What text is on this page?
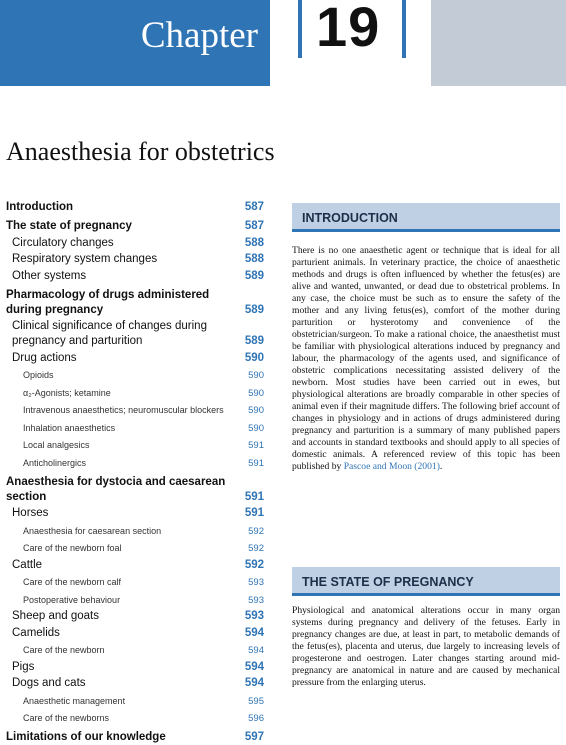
Chapter 19
Anaesthesia for obstetrics
Introduction	587
The state of pregnancy	587
Circulatory changes	588
Respiratory system changes	588
Other systems	589
Pharmacology of drugs administered during pregnancy	589
Clinical significance of changes during pregnancy and parturition	589
Drug actions	590
Opioids	590
α₂-Agonists; ketamine	590
Intravenous anaesthetics; neuromuscular blockers	590
Inhalation anaesthetics	590
Local analgesics	591
Anticholinergics	591
Anaesthesia for dystocia and caesarean section	591
Horses	591
Anaesthesia for caesarean section	592
Care of the newborn foal	592
Cattle	592
Care of the newborn calf	593
Postoperative behaviour	593
Sheep and goats	593
Camelids	594
Care of the newborn	594
Pigs	594
Dogs and cats	594
Anaesthetic management	595
Care of the newborns	596
Limitations of our knowledge	597
INTRODUCTION

There is no one anaesthetic agent or technique that is ideal for all parturient animals. In veterinary practice, the choice of anaesthetic methods and drugs is often influenced by whether the fetus(es) are alive and wanted, unwanted, or dead due to obstetrical problems. In any case, the choice must be such as to ensure the safety of the mother and any living fetus(es), comfort of the mother during parturition or hysterotomy and convenience of the obstetrician/surgeon. To make a rational choice, the anaesthetist must be familiar with physiological alterations induced by pregnancy and labour, the pharmacology of the agents used, and significance of obstetric complications necessitating assisted delivery of the newborn. Most studies have been carried out in ewes, but physiological alterations are broadly comparable in other species of animal even if their magnitude differs. The following brief account of changes in physiology and in actions of drugs administered during pregnancy and parturition is a summary of many published papers and accounts in standard textbooks and should apply to all species of domestic animals. A referenced review of this topic has been published by Pascoe and Moon (2001).

THE STATE OF PREGNANCY

Physiological and anatomical alterations occur in many organ systems during pregnancy and delivery of the fetuses. Early in pregnancy changes are due, at least in part, to metabolic demands of the fetus(es), placenta and uterus, due largely to increasing levels of progesterone and oestrogen. Later changes starting around mid-pregnancy are anatomical in nature and are caused by mechanical pressure from the enlarging uterus.
